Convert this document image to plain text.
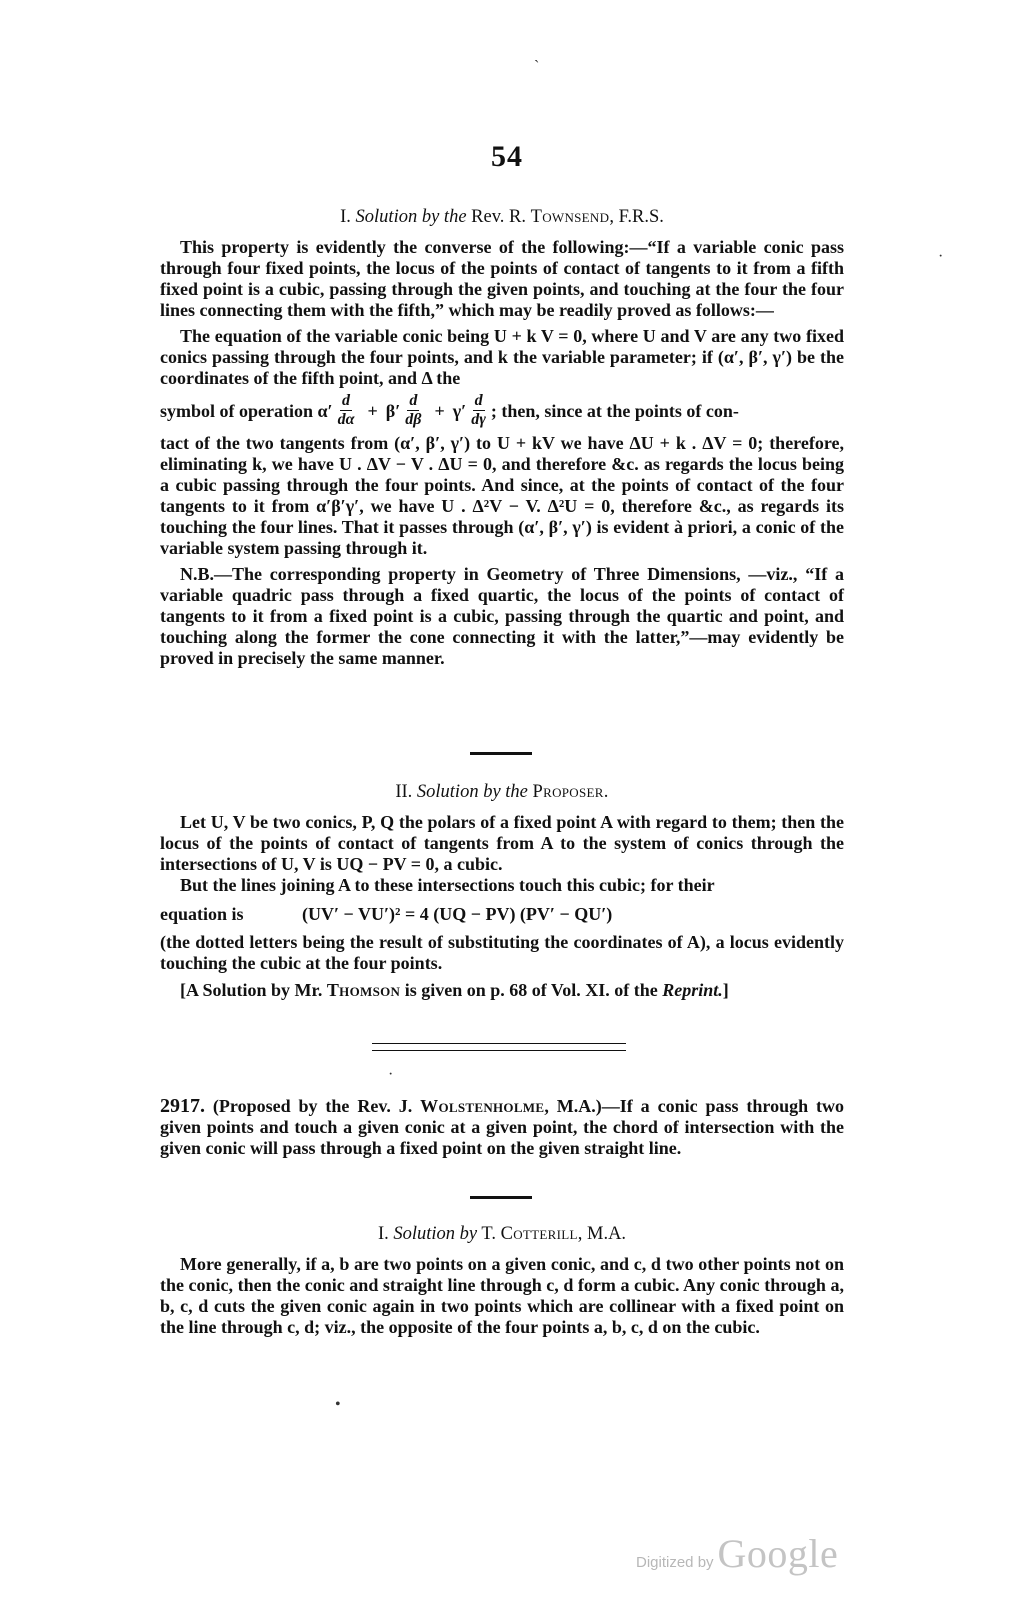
ˏ
·
·
•
54
I. Solution by the Rev. R. Townsend, F.R.S.

This property is evidently the converse of the following:—“If a variable conic pass through four fixed points, the locus of the points of contact of tangents to it from a fifth fixed point is a cubic, passing through the given points, and touching at the four the four lines connecting them with the fifth,” which may be readily proved as follows:—

The equation of the variable conic being U + k V = 0, where U and V are any two fixed conics passing through the four points, and k the variable parameter; if (α′, β′, γ′) be the coordinates of the fifth point, and Δ the

symbol of operation $\alpha' \frac{d}{d\alpha} + \beta' \frac{d}{d\beta} + \gamma' \frac{d}{d\gamma}$ ; then, since at the points of con-

tact of the two tangents from (α′, β′, γ′) to U + kV we have ΔU + k . ΔV = 0; therefore, eliminating k, we have U . ΔV − V . ΔU = 0, and therefore &c. as regards the locus being a cubic passing through the four points. And since, at the points of contact of the four tangents to it from α′β′γ′, we have U . Δ²V − V. Δ²U = 0, therefore &c., as regards its touching the four lines. That it passes through (α′, β′, γ′) is evident à priori, a conic of the variable system passing through it.

N.B.—The corresponding property in Geometry of Three Dimensions, —viz., “If a variable quadric pass through a fixed quartic, the locus of the points of contact of tangents to it from a fixed point is a cubic, passing through the quartic and point, and touching along the former the cone connecting it with the latter,”—may evidently be proved in precisely the same manner.

II. Solution by the Proposer.

Let U, V be two conics, P, Q the polars of a fixed point A with regard to them; then the locus of the points of contact of tangents from A to the system of conics through the intersections of U, V is UQ − PV = 0, a cubic.

But the lines joining A to these intersections touch this cubic; for their

equation is	(UV′ − VU′)² = 4 (UQ − PV) (PV′ − QU′)

(the dotted letters being the result of substituting the coordinates of A), a locus evidently touching the cubic at the four points.

[A Solution by Mr. Thomson is given on p. 68 of Vol. XI. of the Reprint.]

2917. (Proposed by the Rev. J. Wolstenholme, M.A.)—If a conic pass through two given points and touch a given conic at a given point, the chord of intersection with the given conic will pass through a fixed point on the given straight line.

I. Solution by T. Cotterill, M.A.

More generally, if a, b are two points on a given conic, and c, d two other points not on the conic, then the conic and straight line through c, d form a cubic. Any conic through a, b, c, d cuts the given conic again in two points which are collinear with a fixed point on the line through c, d; viz., the opposite of the four points a, b, c, d on the cubic.

Digitized by Google
